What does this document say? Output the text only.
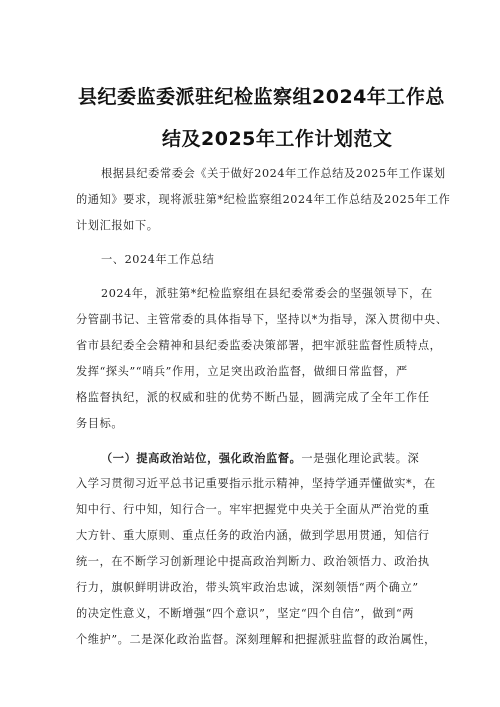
县纪委监委派驻纪检监察组2024年工作总
结及2025年工作计划范文
根据县纪委常委会《关于做好2024年工作总结及2025年工作谋划
的通知》要求，现将派驻第*纪检监察组2024年工作总结及2025年工作
计划汇报如下。
一、2024年工作总结
2024年，派驻第*纪检监察组在县纪委常委会的坚强领导下，在
分管副书记、主管常委的具体指导下，坚持以*为指导，深入贯彻中央、
省市县纪委全会精神和县纪委监委决策部署，把牢派驻监督性质特点，
发挥“探头”“哨兵”作用，立足突出政治监督，做细日常监督，严
格监督执纪，派的权威和驻的优势不断凸显，圆满完成了全年工作任
务目标。
（一）提高政治站位，强化政治监督。一是强化理论武装。深
入学习贯彻习近平总书记重要指示批示精神，坚持学通弄懂做实*，在
知中行、行中知，知行合一。牢牢把握党中央关于全面从严治党的重
大方针、重大原则、重点任务的政治内涵，做到学思用贯通，知信行
统一，在不断学习创新理论中提高政治判断力、政治领悟力、政治执
行力，旗帜鲜明讲政治，带头筑牢政治忠诚，深刻领悟“两个确立”
的决定性意义，不断增强“四个意识”，坚定“四个自信”，做到“两
个维护”。二是深化政治监督。深刻理解和把握派驻监督的政治属性，
